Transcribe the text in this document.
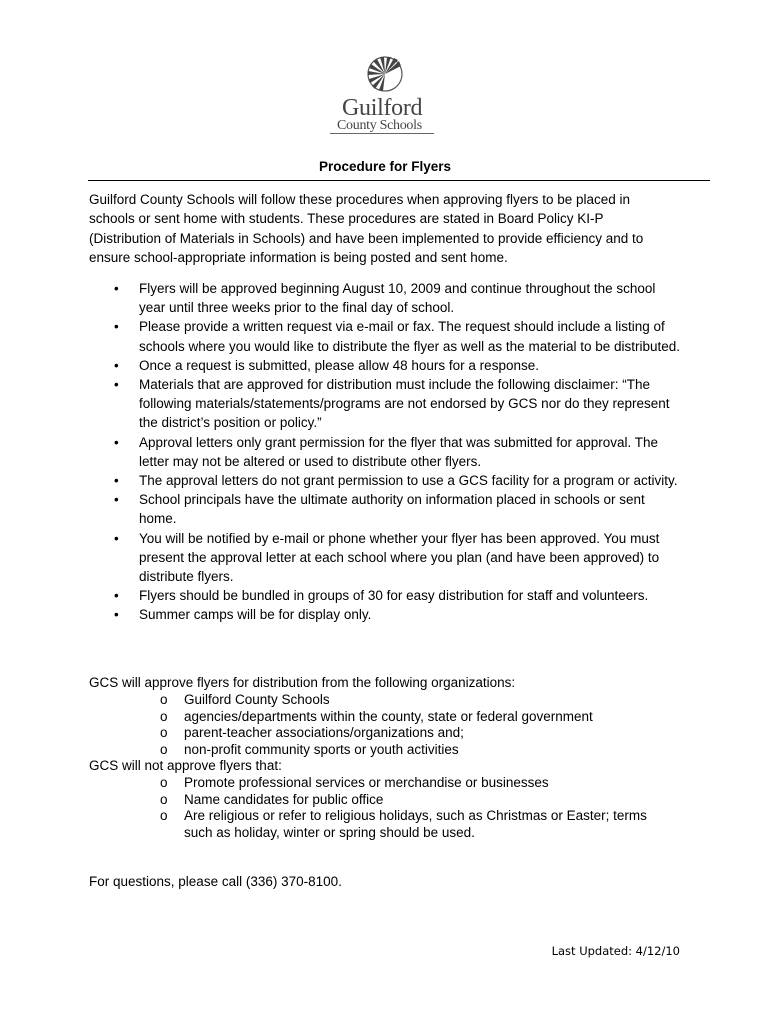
Guilford
County Schools
Procedure for Flyers
Guilford County Schools will follow these procedures when approving flyers to be placed in schools or sent home with students. These procedures are stated in Board Policy KI-P (Distribution of Materials in Schools) and have been implemented to provide efficiency and to ensure school-appropriate information is being posted and sent home.
• Flyers will be approved beginning August 10, 2009 and continue throughout the school year until three weeks prior to the final day of school.
• Please provide a written request via e-mail or fax. The request should include a listing of schools where you would like to distribute the flyer as well as the material to be distributed.
• Once a request is submitted, please allow 48 hours for a response.
• Materials that are approved for distribution must include the following disclaimer: “The following materials/statements/programs are not endorsed by GCS nor do they represent the district’s position or policy.”
• Approval letters only grant permission for the flyer that was submitted for approval. The letter may not be altered or used to distribute other flyers.
• The approval letters do not grant permission to use a GCS facility for a program or activity.
• School principals have the ultimate authority on information placed in schools or sent home.
• You will be notified by e-mail or phone whether your flyer has been approved. You must present the approval letter at each school where you plan (and have been approved) to distribute flyers.
• Flyers should be bundled in groups of 30 for easy distribution for staff and volunteers.
• Summer camps will be for display only.
GCS will approve flyers for distribution from the following organizations:
o Guilford County Schools
o agencies/departments within the county, state or federal government
o parent-teacher associations/organizations and;
o non-profit community sports or youth activities
GCS will not approve flyers that:
o Promote professional services or merchandise or businesses
o Name candidates for public office
o Are religious or refer to religious holidays, such as Christmas or Easter; terms such as holiday, winter or spring should be used.
For questions, please call (336) 370-8100.
Last Updated: 4/12/10
